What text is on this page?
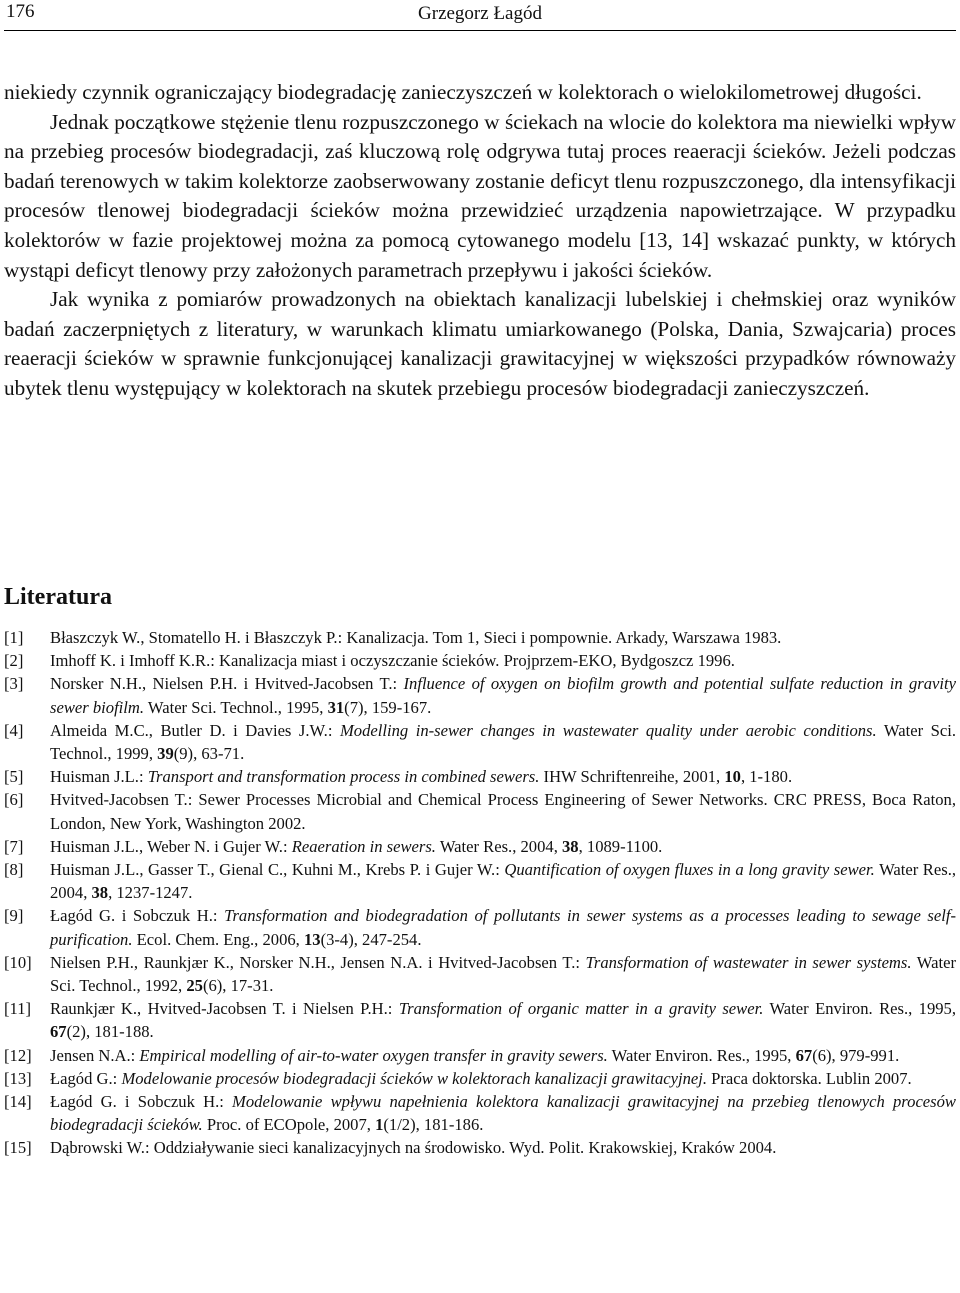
176	Grzegorz Łagód

niekiedy czynnik ograniczający biodegradację zanieczyszczeń w kolektorach o wielokilometrowej długości.

Jednak początkowe stężenie tlenu rozpuszczonego w ściekach na wlocie do kolektora ma niewielki wpływ na przebieg procesów biodegradacji, zaś kluczową rolę odgrywa tutaj proces reaeracji ścieków. Jeżeli podczas badań terenowych w takim kolektorze zaobserwowany zostanie deficyt tlenu rozpuszczonego, dla intensyfikacji procesów tlenowej biodegradacji ścieków można przewidzieć urządzenia napowietrzające. W przypadku kolektorów w fazie projektowej można za pomocą cytowanego modelu [13, 14] wskazać punkty, w których wystąpi deficyt tlenowy przy założonych parametrach przepływu i jakości ścieków.

Jak wynika z pomiarów prowadzonych na obiektach kanalizacji lubelskiej i chełmskiej oraz wyników badań zaczerpniętych z literatury, w warunkach klimatu umiarkowanego (Polska, Dania, Szwajcaria) proces reaeracji ścieków w sprawnie funkcjonującej kanalizacji grawitacyjnej w większości przypadków równoważy ubytek tlenu występujący w kolektorach na skutek przebiegu procesów biodegradacji zanieczyszczeń.

Literatura
[1] Błaszczyk W., Stomatello H. i Błaszczyk P.: Kanalizacja. Tom 1, Sieci i pompownie. Arkady, Warszawa 1983.
[2] Imhoff K. i Imhoff K.R.: Kanalizacja miast i oczyszczanie ścieków. Projprzem-EKO, Bydgoszcz 1996.
[3] Norsker N.H., Nielsen P.H. i Hvitved-Jacobsen T.: Influence of oxygen on biofilm growth and potential sulfate reduction in gravity sewer biofilm. Water Sci. Technol., 1995, 31(7), 159-167.
[4] Almeida M.C., Butler D. i Davies J.W.: Modelling in-sewer changes in wastewater quality under aerobic conditions. Water Sci. Technol., 1999, 39(9), 63-71.
[5] Huisman J.L.: Transport and transformation process in combined sewers. IHW Schriftenreihe, 2001, 10, 1-180.
[6] Hvitved-Jacobsen T.: Sewer Processes Microbial and Chemical Process Engineering of Sewer Networks. CRC PRESS, Boca Raton, London, New York, Washington 2002.
[7] Huisman J.L., Weber N. i Gujer W.: Reaeration in sewers. Water Res., 2004, 38, 1089-1100.
[8] Huisman J.L., Gasser T., Gienal C., Kuhni M., Krebs P. i Gujer W.: Quantification of oxygen fluxes in a long gravity sewer. Water Res., 2004, 38, 1237-1247.
[9] Łagód G. i Sobczuk H.: Transformation and biodegradation of pollutants in sewer systems as a processes leading to sewage self-purification. Ecol. Chem. Eng., 2006, 13(3-4), 247-254.
[10] Nielsen P.H., Raunkjær K., Norsker N.H., Jensen N.A. i Hvitved-Jacobsen T.: Transformation of wastewater in sewer systems. Water Sci. Technol., 1992, 25(6), 17-31.
[11] Raunkjær K., Hvitved-Jacobsen T. i Nielsen P.H.: Transformation of organic matter in a gravity sewer. Water Environ. Res., 1995, 67(2), 181-188.
[12] Jensen N.A.: Empirical modelling of air-to-water oxygen transfer in gravity sewers. Water Environ. Res., 1995, 67(6), 979-991.
[13] Łagód G.: Modelowanie procesów biodegradacji ścieków w kolektorach kanalizacji grawitacyjnej. Praca doktorska. Lublin 2007.
[14] Łagód G. i Sobczuk H.: Modelowanie wpływu napełnienia kolektora kanalizacji grawitacyjnej na przebieg tlenowych procesów biodegradacji ścieków. Proc. of ECOpole, 2007, 1(1/2), 181-186.
[15] Dąbrowski W.: Oddziaływanie sieci kanalizacyjnych na środowisko. Wyd. Polit. Krakowskiej, Kraków 2004.
